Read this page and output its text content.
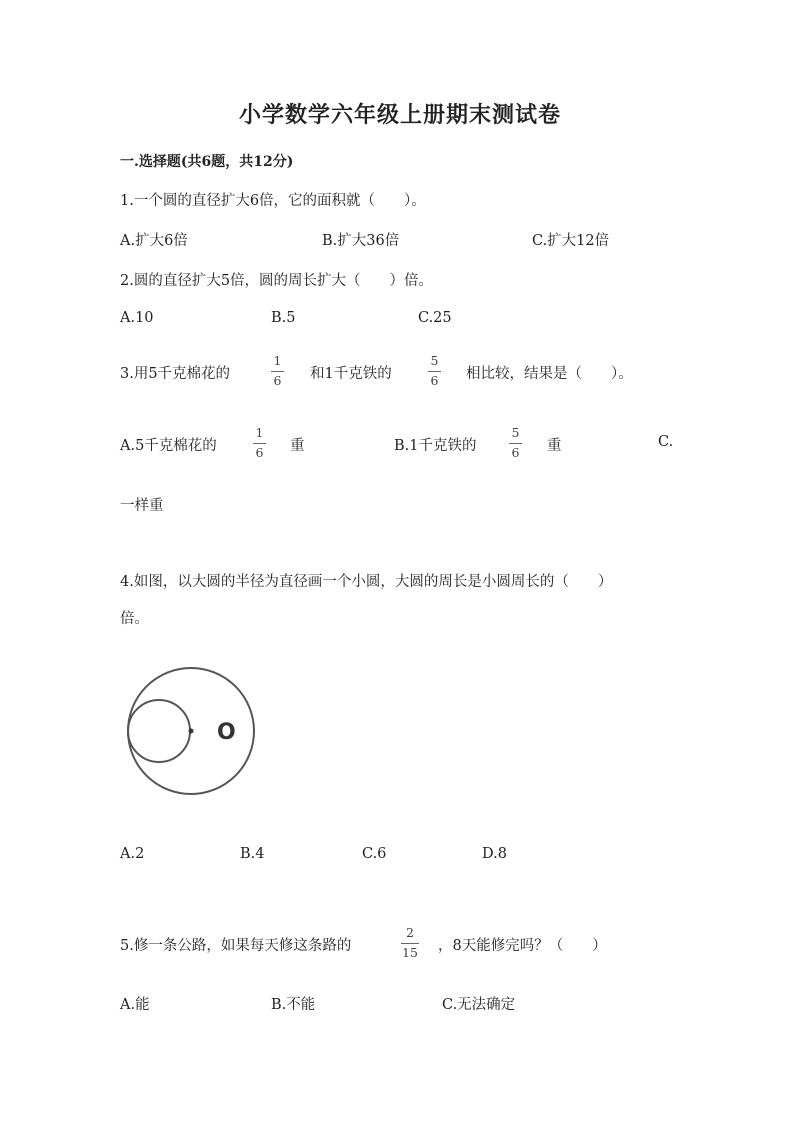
小学数学六年级上册期末测试卷
一.选择题(共6题，共12分)
1.一个圆的直径扩大6倍，它的面积就（　　）。
A.扩大6倍	B.扩大36倍	C.扩大12倍
2.圆的直径扩大5倍，圆的周长扩大（　　）倍。
A.10	B.5	C.25
3.用5千克棉花的
1
6 和1千克铁的
5
6 相比较，结果是（　　）。
A.5千克棉花的
1
6 重	B.1千克铁的
5
6 重	C.
一样重
4.如图，以大圆的半径为直径画一个小圆，大圆的周长是小圆周长的（　　）
倍。
O
A.2	B.4	C.6	D.8
5.修一条公路，如果每天修这条路的
2
15 ，8天能修完吗？（　　）
A.能	B.不能	C.无法确定
